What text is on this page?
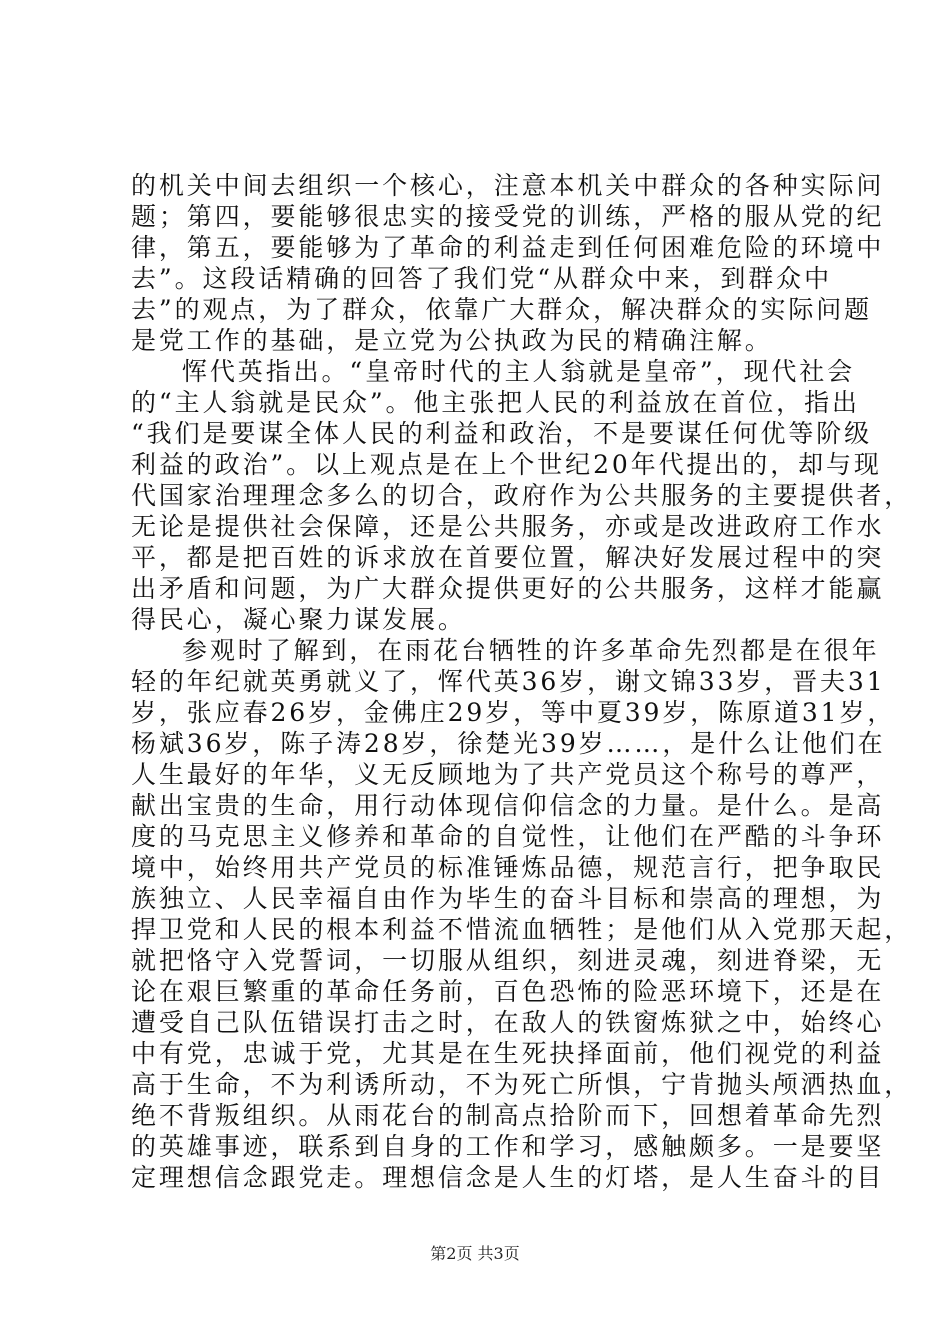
的机关中间去组织一个核心，注意本机关中群众的各种实际问
题；第四，要能够很忠实的接受党的训练，严格的服从党的纪
律，第五，要能够为了革命的利益走到任何困难危险的环境中
去”。这段话精确的回答了我们党“从群众中来，到群众中
去”的观点，为了群众，依靠广大群众，解决群众的实际问题
是党工作的基础，是立党为公执政为民的精确注解。
恽代英指出。“皇帝时代的主人翁就是皇帝”，现代社会
的“主人翁就是民众”。他主张把人民的利益放在首位，指出
“我们是要谋全体人民的利益和政治，不是要谋任何优等阶级
利益的政治”。以上观点是在上个世纪20年代提出的，却与现
代国家治理理念多么的切合，政府作为公共服务的主要提供者，
无论是提供社会保障，还是公共服务，亦或是改进政府工作水
平，都是把百姓的诉求放在首要位置，解决好发展过程中的突
出矛盾和问题，为广大群众提供更好的公共服务，这样才能赢
得民心，凝心聚力谋发展。
参观时了解到，在雨花台牺牲的许多革命先烈都是在很年
轻的年纪就英勇就义了，恽代英36岁，谢文锦33岁，晋夫31
岁，张应春26岁，金佛庄29岁，等中夏39岁，陈原道31岁，
杨斌36岁，陈子涛28岁，徐楚光39岁……，是什么让他们在
人生最好的年华，义无反顾地为了共产党员这个称号的尊严，
献出宝贵的生命，用行动体现信仰信念的力量。是什么。是高
度的马克思主义修养和革命的自觉性，让他们在严酷的斗争环
境中，始终用共产党员的标准锤炼品德，规范言行，把争取民
族独立、人民幸福自由作为毕生的奋斗目标和崇高的理想，为
捍卫党和人民的根本利益不惜流血牺牲；是他们从入党那天起，
就把恪守入党誓词，一切服从组织，刻进灵魂，刻进脊梁，无
论在艰巨繁重的革命任务前，百色恐怖的险恶环境下，还是在
遭受自己队伍错误打击之时，在敌人的铁窗炼狱之中，始终心
中有党，忠诚于党，尤其是在生死抉择面前，他们视党的利益
高于生命，不为利诱所动，不为死亡所惧，宁肯抛头颅洒热血，
绝不背叛组织。从雨花台的制高点拾阶而下，回想着革命先烈
的英雄事迹，联系到自身的工作和学习，感触颇多。一是要坚
定理想信念跟党走。理想信念是人生的灯塔，是人生奋斗的目
第2页 共3页
